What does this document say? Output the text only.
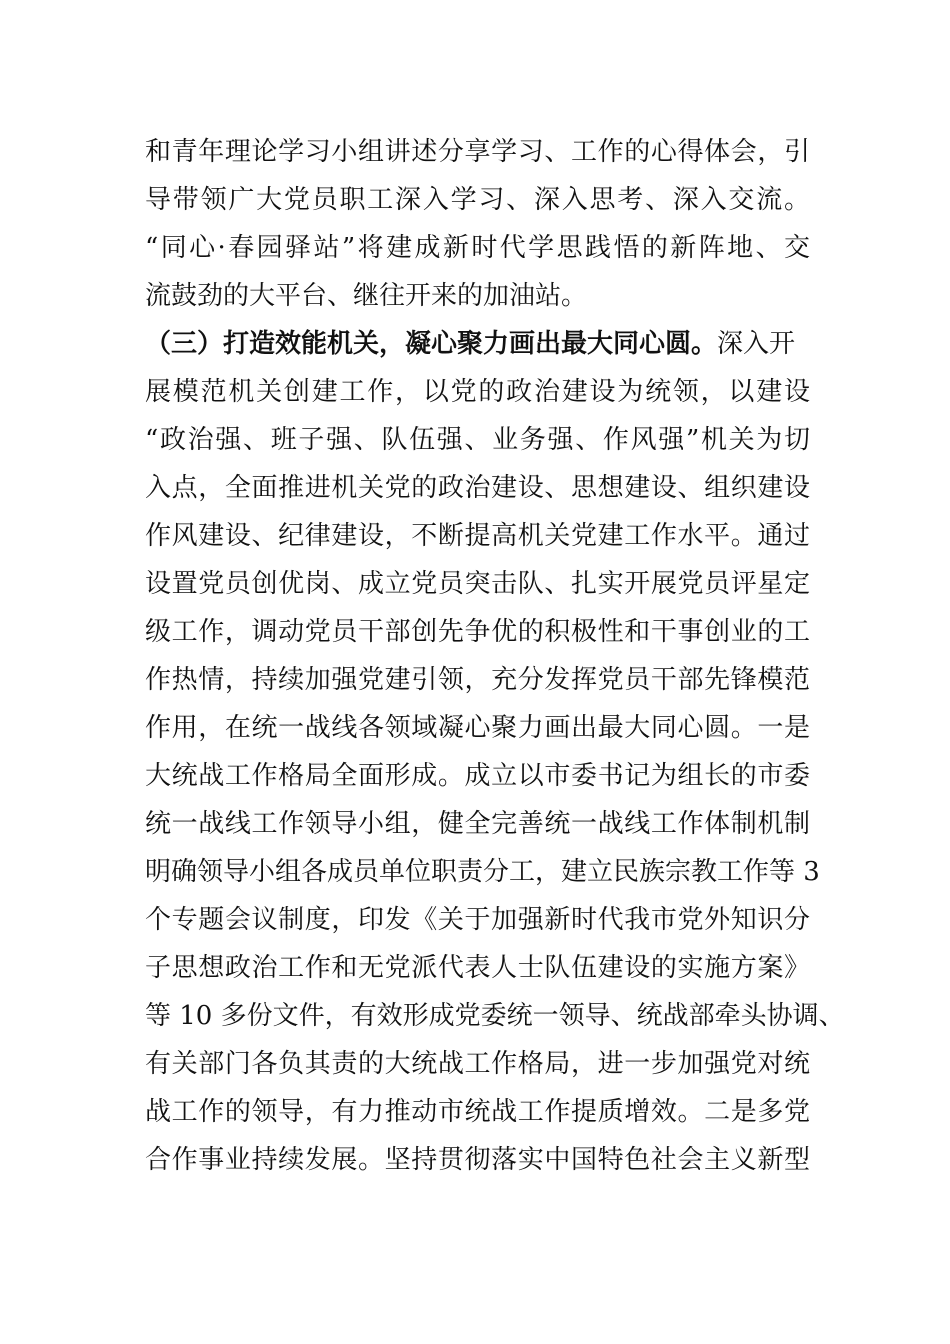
和青年理论学习小组讲述分享学习、工作的心得体会，引
导带领广大党员职工深入学习、深入思考、深入交流。
“同心·春园驿站”将建成新时代学思践悟的新阵地、交
流鼓劲的大平台、继往开来的加油站。
（三）打造效能机关，凝心聚力画出最大同心圆。深入开
展模范机关创建工作，以党的政治建设为统领，以建设
“政治强、班子强、队伍强、业务强、作风强”机关为切
入点，全面推进机关党的政治建设、思想建设、组织建设
作风建设、纪律建设，不断提高机关党建工作水平。通过
设置党员创优岗、成立党员突击队、扎实开展党员评星定
级工作，调动党员干部创先争优的积极性和干事创业的工
作热情，持续加强党建引领，充分发挥党员干部先锋模范
作用，在统一战线各领域凝心聚力画出最大同心圆。一是
大统战工作格局全面形成。成立以市委书记为组长的市委
统一战线工作领导小组，健全完善统一战线工作体制机制
明确领导小组各成员单位职责分工，建立民族宗教工作等 3
个专题会议制度，印发《关于加强新时代我市党外知识分
子思想政治工作和无党派代表人士队伍建设的实施方案》
等 10 多份文件，有效形成党委统一领导、统战部牵头协调、
有关部门各负其责的大统战工作格局，进一步加强党对统
战工作的领导，有力推动市统战工作提质增效。二是多党
合作事业持续发展。坚持贯彻落实中国特色社会主义新型
